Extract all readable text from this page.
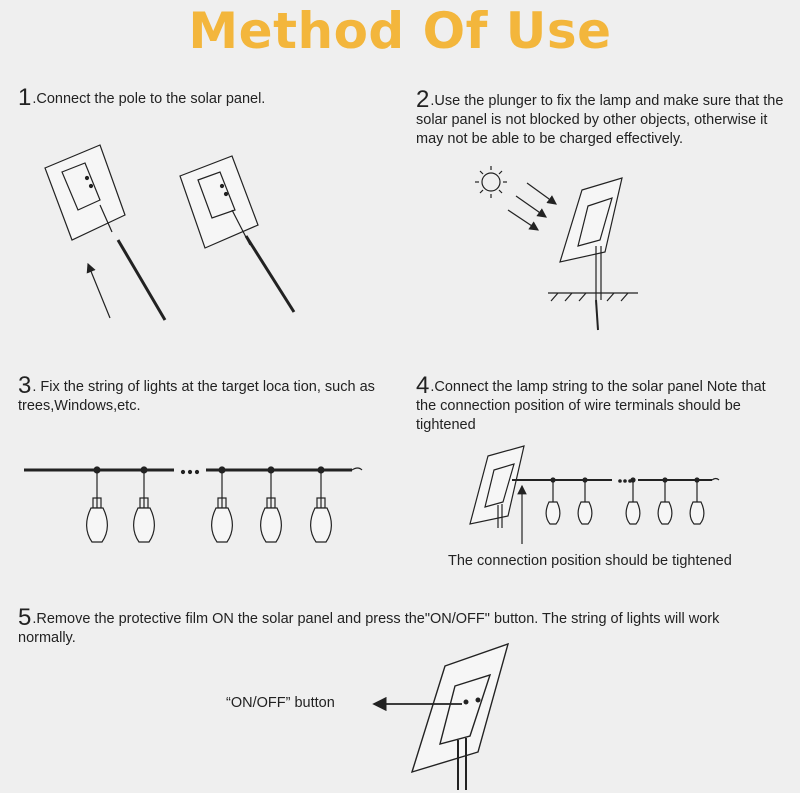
Method Of Use
1.Connect the pole to the solar panel.	2.Use the plunger to fix the lamp and make sure that the solar panel is not blocked by other objects, otherwise it may not be able to be charged effectively.
3. Fix the string of lights at the target loca tion, such as trees,Windows,etc.
4.Connect the lamp string to the solar panel Note that the connection position of wire terminals should be tightened
5.Remove the protective film ON the solar panel and press the"ON/OFF" button. The string of lights will work normally.
The connection position should be tightened
“ON/OFF” button
